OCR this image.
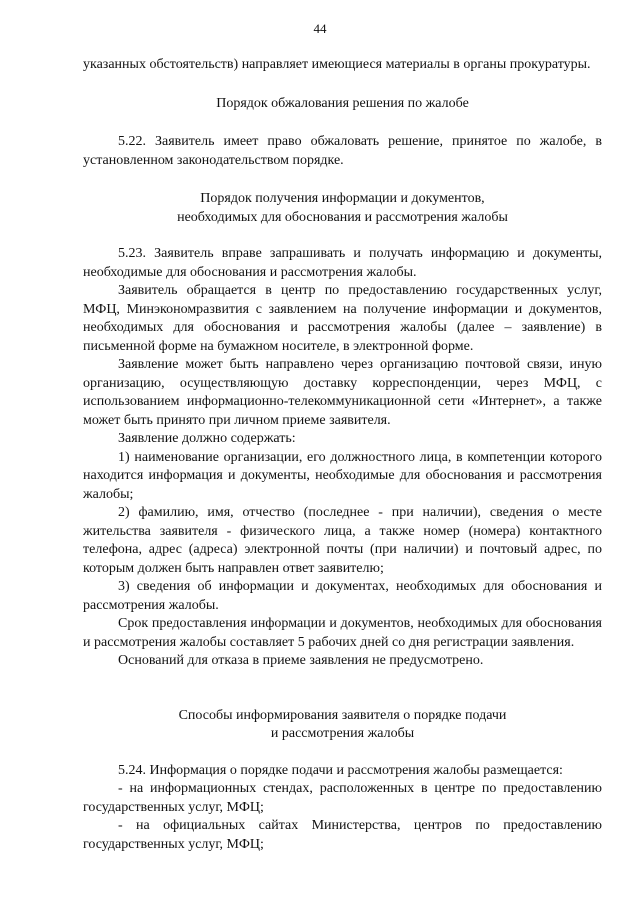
44

указанных обстоятельств) направляет имеющиеся материалы в органы прокуратуры.

Порядок обжалования решения по жалобе

5.22. Заявитель имеет право обжаловать решение, принятое по жалобе, в установленном законодательством порядке.

Порядок получения информации и документов,
необходимых для обоснования и рассмотрения жалобы

5.23. Заявитель вправе запрашивать и получать информацию и документы, необходимые для обоснования и рассмотрения жалобы.

Заявитель обращается в центр по предоставлению государственных услуг, МФЦ, Минэкономразвития с заявлением на получение информации и документов, необходимых для обоснования и рассмотрения жалобы (далее – заявление) в письменной форме на бумажном носителе, в электронной форме.

Заявление может быть направлено через организацию почтовой связи, иную организацию, осуществляющую доставку корреспонденции, через МФЦ, с использованием информационно-телекоммуникационной сети «Интернет», а также может быть принято при личном приеме заявителя.

Заявление должно содержать:

1) наименование организации, его должностного лица, в компетенции которого находится информация и документы, необходимые для обоснования и рассмотрения жалобы;

2) фамилию, имя, отчество (последнее - при наличии), сведения о месте жительства заявителя - физического лица, а также номер (номера) контактного телефона, адрес (адреса) электронной почты (при наличии) и почтовый адрес, по которым должен быть направлен ответ заявителю;

3) сведения об информации и документах, необходимых для обоснования и рассмотрения жалобы.

Срок предоставления информации и документов, необходимых для обоснования и рассмотрения жалобы составляет 5 рабочих дней со дня регистрации заявления.

Оснований для отказа в приеме заявления не предусмотрено.

Способы информирования заявителя о порядке подачи
и рассмотрения жалобы

5.24. Информация о порядке подачи и рассмотрения жалобы размещается:

- на информационных стендах, расположенных в центре по предоставлению государственных услуг, МФЦ;

- на официальных сайтах Министерства, центров по предоставлению государственных услуг, МФЦ;
